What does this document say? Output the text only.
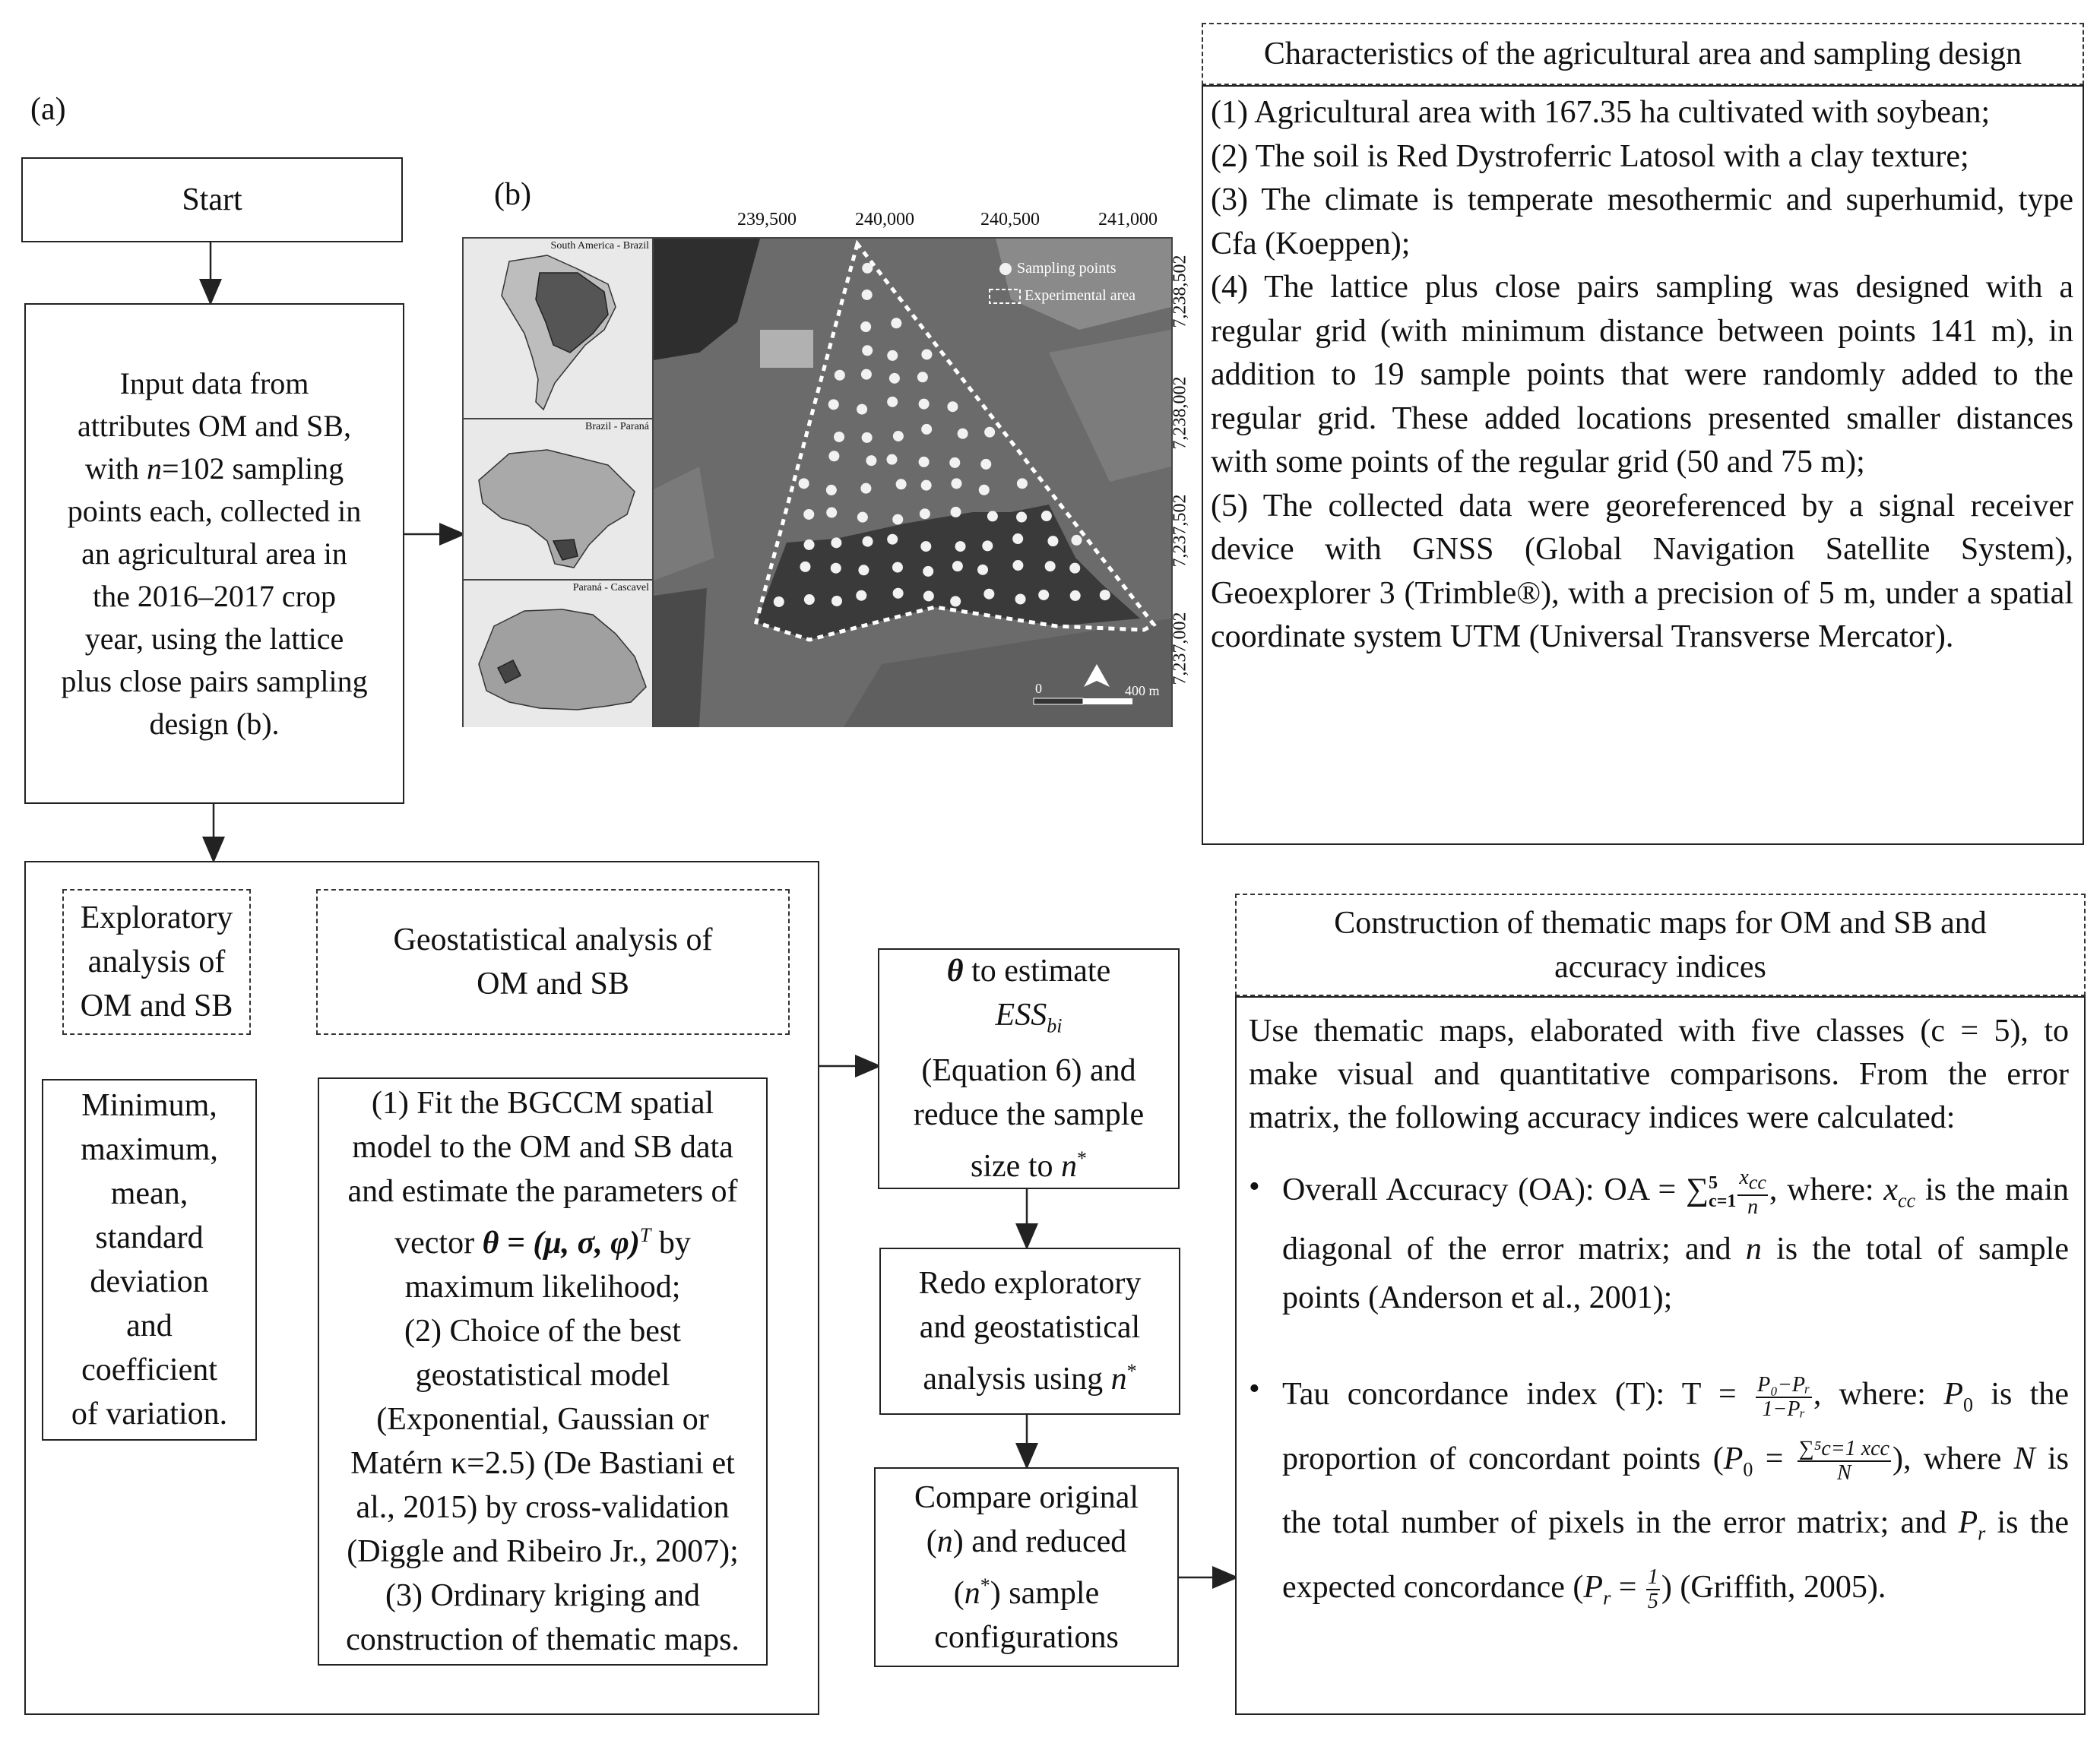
(a)
(b)
Start
Input data from
attributes OM and SB,
with n=102 sampling
points each, collected in
an agricultural area in
the 2016‒2017 crop
year, using the lattice
plus close pairs sampling
design (b).
South America - Brazil
Brazil - Paraná
Paraná - Cascavel
Sampling points
Experimental area
0	400 m
239,500	240,000	240,500	241,000
7,238,502
7,238,002
7,237,502
7,237,002
Characteristics of the agricultural area and sampling design

(1) Agricultural area with 167.35 ha cultivated with soybean;

(2) The soil is Red Dystroferric Latosol with a clay texture;

(3) The climate is temperate mesothermic and superhumid, type Cfa (Koeppen);

(4) The lattice plus close pairs sampling was designed with a regular grid (with minimum distance between points 141 m), in addition to 19 sample points that were randomly added to the regular grid. These added locations presented smaller distances with some points of the regular grid (50 and 75 m);

(5) The collected data were georeferenced by a signal receiver device with GNSS (Global Navigation Satellite System), Geoexplorer 3 (Trimble®), with a precision of 5 m, under a spatial coordinate system UTM (Universal Transverse Mercator).

Exploratory
analysis of
OM and SB
Minimum,
maximum,
mean,
standard
deviation
and
coefficient
of variation.
Geostatistical analysis of
OM and SB
(1) Fit the BGCCM spatial
model to the OM and SB data
and estimate the parameters of
vector θ = (μ, σ, φ)$^T$ by
maximum likelihood;
(2) Choice of the best
geostatistical model
(Exponential, Gaussian or
Matérn κ=2.5) (De Bastiani et
al., 2015) by cross-validation
(Diggle and Ribeiro Jr., 2007);
(3) Ordinary kriging and
construction of thematic maps.
θ to estimate
$ESS_{bi}$
(Equation 6) and
reduce the sample
size to n*
Redo exploratory
and geostatistical
analysis using n*
Compare original
(n) and reduced
(n*) sample
configurations
Construction of thematic maps for OM and SB and
accuracy indices

Use thematic maps, elaborated with five classes (c = 5), to make visual and quantitative comparisons. From the error matrix, the following accuracy indices were calculated:

• Overall Accuracy (OA): OA = ∑ 5
$c=1 \frac{x_{cc}}{n}$ , where: $x_{cc}$ is the main diagonal of the error matrix; and n is the total of sample points (Anderson et al., 2001);
• Tau concordance index (T): $T = \frac{\text{P₀−Pᵣ}}{\text{1−Pᵣ}}$ , where: $P_0$ is the proportion of concordant points ($P_0 = \frac{\text{∑⁵c=1 xcc}}{N}$ ), where N is the total number of pixels in the error matrix; and $P_r$ is the expected concordance ($P_r = \frac{1}{5}$ ) (Griffith, 2005).
